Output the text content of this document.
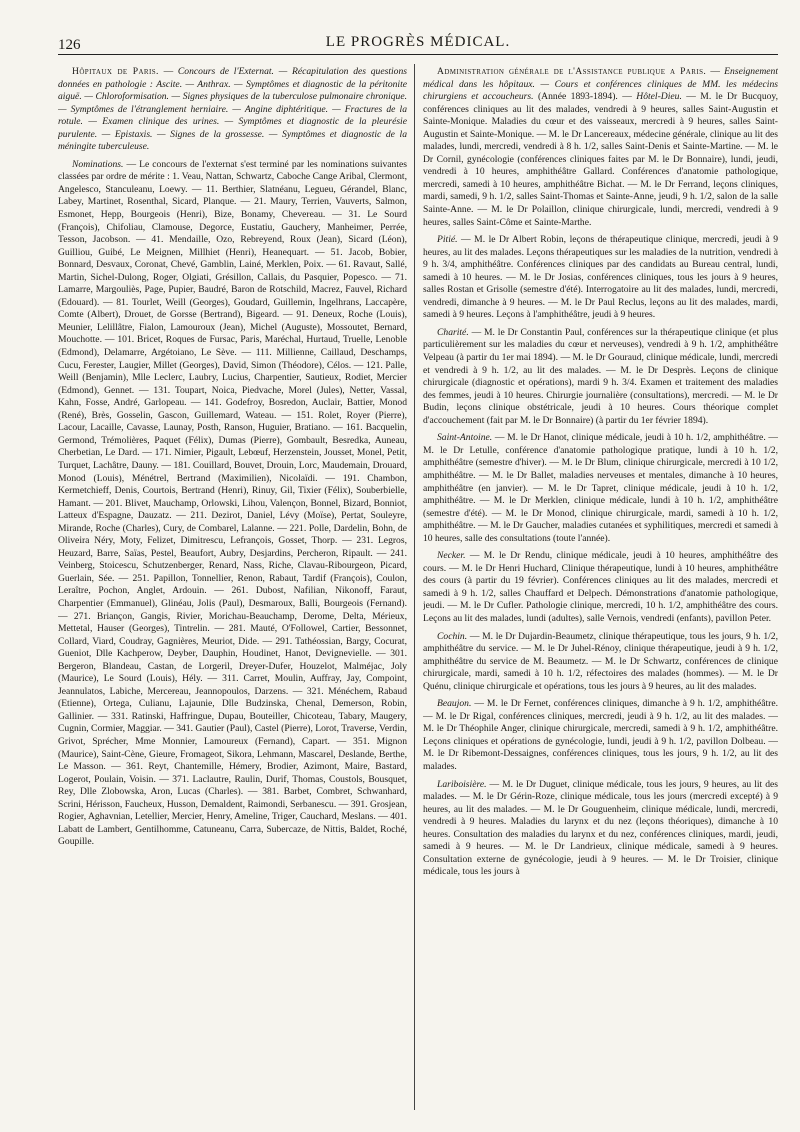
126	LE PROGRÈS MÉDICAL.

Hôpitaux de Paris. — Concours de l'Externat. — Récapitulation des questions données en pathologie : Ascite. — Anthrax. — Symptômes et diagnostic de la péritonite aiguë. — Chloroformisation. — Signes physiques de la tuberculose pulmonaire chronique. — Symptômes de l'étranglement herniaire. — Angine diphtéritique. — Fractures de la rotule. — Examen clinique des urines. — Symptômes et diagnostic de la pleurésie purulente. — Epistaxis. — Signes de la grossesse. — Symptômes et diagnostic de la méningite tuberculeuse.

Nominations. — Le concours de l'externat s'est terminé par les nominations suivantes classées par ordre de mérite : 1. Veau, Nattan, Schwartz, Caboche Cange Aribal, Clermont, Angelesco, Stanculeanu, Loewy. — 11. Berthier, Slatnéanu, Legueu, Gérandel, Blanc, Labey, Martinet, Rosenthal, Sicard, Planque. — 21. Maury, Terrien, Vauverts, Salmon, Esmonet, Hepp, Bourgeois (Henri), Bize, Bonamy, Chevereau. — 31. Le Sourd (François), Chifoliau, Clamouse, Degorce, Eustatiu, Gauchery, Manheimer, Perrée, Tesson, Jacobson. — 41. Mendaille, Ozo, Rebreyend, Roux (Jean), Sicard (Léon), Guilliou, Guibé, Le Meignen, Millhiet (Henri), Heanequart. — 51. Jacob, Bobier, Bonnard, Desvaux, Coronat, Chevé, Gamblin, Lainé, Merklen, Poix. — 61. Ravaut, Sallé, Martin, Sichel-Dulong, Roger, Olgiati, Grésillon, Callais, du Pasquier, Popesco. — 71. Lamarre, Margouliès, Page, Pupier, Baudré, Baron de Rotschild, Macrez, Fauvel, Richard (Edouard). — 81. Tourlet, Weill (Georges), Goudard, Guillemin, Ingelhrans, Laccapère, Comte (Albert), Drouet, de Gorsse (Bertrand), Bigeard. — 91. Deneux, Roche (Louis), Meunier, Lelillâtre, Fialon, Lamouroux (Jean), Michel (Auguste), Mossoutet, Bernard, Mouchotte. — 101. Bricet, Roques de Fursac, Paris, Maréchal, Hurtaud, Truelle, Lenoble (Edmond), Delamarre, Argétoiano, Le Sève. — 111. Millienne, Caillaud, Deschamps, Cucu, Ferester, Laugier, Millet (Georges), David, Simon (Théodore), Célos. — 121. Palle, Weill (Benjamin), Mlle Leclerc, Laubry, Lucius, Charpentier, Sautieux, Rodiet, Mercier (Edmond), Gennet. — 131. Toupart, Noica, Piedvache, Morel (Jules), Netter, Vassal, Kahn, Fosse, André, Garlopeau. — 141. Godefroy, Bosredon, Auclair, Battier, Monod (René), Brès, Gosselin, Gascon, Guillemard, Wateau. — 151. Rolet, Royer (Pierre), Lacour, Lacaille, Cavasse, Launay, Posth, Ranson, Huguier, Bratiano. — 161. Bacquelin, Germond, Trémolières, Paquet (Félix), Dumas (Pierre), Gombault, Besredka, Auneau, Cherbetian, Le Dard. — 171. Nimier, Pigault, Lebœuf, Herzenstein, Jousset, Monel, Petit, Turquet, Lachâtre, Dauny. — 181. Couillard, Bouvet, Drouin, Lorc, Maudemain, Drouard, Monod (Louis), Ménétrel, Bertrand (Maximilien), Nicolaïdi. — 191. Chambon, Kermetchieff, Denis, Courtois, Bertrand (Henri), Rinuy, Gil, Tixier (Félix), Souberbielle, Hamant. — 201. Blivet, Mauchamp, Orlowski, Lihou, Valençon, Bonnel, Bizard, Bonniot, Latteux d'Espagne, Dauzatz. — 211. Dezirot, Daniel, Lévy (Moïse), Pertat, Souleyre, Mirande, Roche (Charles), Cury, de Combarel, Lalanne. — 221. Polle, Dardelin, Bohn, de Oliveira Néry, Moty, Felizet, Dimitrescu, Lefrançois, Gosset, Thorp. — 231. Legros, Heuzard, Barre, Saïas, Pestel, Beaufort, Aubry, Desjardins, Percheron, Ripault. — 241. Veinberg, Stoicescu, Schutzenberger, Renard, Nass, Riche, Clavau-Ribourgeon, Picard, Guerlain, Sée. — 251. Papillon, Tonnellier, Renon, Rabaut, Tardif (François), Coulon, Leraître, Pochon, Anglet, Ardouin. — 261. Dubost, Nafilian, Nikonoff, Faraut, Charpentier (Emmanuel), Glinéau, Jolis (Paul), Desmaroux, Balli, Bourgeois (Fernand). — 271. Briançon, Gangis, Rivier, Morichau-Beauchamp, Derome, Delta, Mérieux, Mettetal, Hauser (Georges), Tintrelin. — 281. Mauté, O'Followel, Cartier, Bessonnet, Collard, Viard, Coudray, Gagnières, Meuriot, Dide. — 291. Tathéossian, Bargy, Cocurat, Gueniot, Dlle Kachperow, Deyber, Dauphin, Houdinet, Hanot, Devignevielle. — 301. Bergeron, Blandeau, Castan, de Lorgeril, Dreyer-Dufer, Houzelot, Malméjac, Joly (Maurice), Le Sourd (Louis), Hély. — 311. Carret, Moulin, Auffray, Jay, Compoint, Jeannulatos, Labiche, Mercereau, Jeannopoulos, Darzens. — 321. Ménéchem, Rabaud (Etienne), Ortega, Culianu, Lajaunie, Dlle Budzinska, Chenal, Demerson, Robin, Gallinier. — 331. Ratinski, Haffringue, Dupau, Bouteiller, Chicoteau, Tabary, Maugery, Cugnin, Cormier, Maggiar. — 341. Gautier (Paul), Castel (Pierre), Lorot, Traverse, Verdin, Grivot, Sprécher, Mme Monnier, Lamoureux (Fernand), Capart. — 351. Mignon (Maurice), Saint-Cène, Gieure, Fromageot, Sikora, Lehmann, Mascarel, Deslande, Berthe, Le Masson. — 361. Reyt, Chantemille, Hémery, Brodier, Azimont, Maire, Bastard, Logerot, Poulain, Voisin. — 371. Laclautre, Raulin, Durif, Thomas, Coustols, Bousquet, Rey, Dlle Zlobowska, Aron, Lucas (Charles). — 381. Barbet, Combret, Schwanhard, Scrini, Hérisson, Faucheux, Husson, Demaldent, Raimondi, Serbanescu. — 391. Grosjean, Rogier, Aghavnian, Letellier, Mercier, Henry, Ameline, Triger, Cauchard, Meslans. — 401. Labatt de Lambert, Gentilhomme, Catuneanu, Carra, Subercaze, de Nittis, Baldet, Roché, Goupille.

Administration générale de l'Assistance publique a Paris. — Enseignement médical dans les hôpitaux. — Cours et conférences cliniques de MM. les médecins chirurgiens et accoucheurs. (Année 1893-1894). — Hôtel-Dieu. — M. le Dr Bucquoy, conférences cliniques au lit des malades, vendredi à 9 heures, salles Saint-Augustin et Sainte-Monique. Maladies du cœur et des vaisseaux, mercredi à 9 heures, salles Saint-Augustin et Sainte-Monique. — M. le Dr Lancereaux, médecine générale, clinique au lit des malades, lundi, mercredi, vendredi à 8 h. 1/2, salles Saint-Denis et Sainte-Martine. — M. le Dr Cornil, gynécologie (conférences cliniques faites par M. le Dr Bonnaire), lundi, jeudi, vendredi à 10 heures, amphithéâtre Gallard. Conférences d'anatomie pathologique, mercredi, samedi à 10 heures, amphithéâtre Bichat. — M. le Dr Ferrand, leçons cliniques, mardi, samedi, 9 h. 1/2, salles Saint-Thomas et Sainte-Anne, jeudi, 9 h. 1/2, salon de la salle Sainte-Anne. — M. le Dr Polaillon, clinique chirurgicale, lundi, mercredi, vendredi à 9 heures, salles Saint-Côme et Sainte-Marthe.

Pitié. — M. le Dr Albert Robin, leçons de thérapeutique clinique, mercredi, jeudi à 9 heures, au lit des malades. Leçons thérapeutiques sur les maladies de la nutrition, vendredi à 9 h. 3/4, amphithéâtre. Conférences cliniques par des candidats au Bureau central, lundi, samedi à 10 heures. — M. le Dr Josias, conférences cliniques, tous les jours à 9 heures, salles Rostan et Grisolle (semestre d'été). Interrogatoire au lit des malades, lundi, mercredi, vendredi, dimanche à 9 heures. — M. le Dr Paul Reclus, leçons au lit des malades, mardi, samedi à 9 heures. Leçons à l'amphithéâtre, jeudi à 9 heures.

Charité. — M. le Dr Constantin Paul, conférences sur la thérapeutique clinique (et plus particulièrement sur les maladies du cœur et nerveuses), vendredi à 9 h. 1/2, amphithéâtre Velpeau (à partir du 1er mai 1894). — M. le Dr Gouraud, clinique médicale, lundi, mercredi et vendredi à 9 h. 1/2, au lit des malades. — M. le Dr Desprès. Leçons de clinique chirurgicale (diagnostic et opérations), mardi 9 h. 3/4. Examen et traitement des maladies des femmes, jeudi à 10 heures. Chirurgie journalière (consultations), mercredi. — M. le Dr Budin, leçons clinique obstétricale, jeudi à 10 heures. Cours théorique complet d'accouchement (fait par M. le Dr Bonnaire) (à partir du 1er février 1894).

Saint-Antoine. — M. le Dr Hanot, clinique médicale, jeudi à 10 h. 1/2, amphithéâtre. — M. le Dr Letulle, conférence d'anatomie pathologique pratique, lundi à 10 h. 1/2, amphithéâtre (semestre d'hiver). — M. le Dr Blum, clinique chirurgicale, mercredi à 10 1/2, amphithéâtre. — M. le Dr Ballet, maladies nerveuses et mentales, dimanche à 10 heures, amphithéâtre (en janvier). — M. le Dr Tapret, clinique médicale, jeudi à 10 h. 1/2, amphithéâtre. — M. le Dr Merklen, clinique médicale, lundi à 10 h. 1/2, amphithéâtre (semestre d'été). — M. le Dr Monod, clinique chirurgicale, mardi, samedi à 10 h. 1/2, amphithéâtre. — M. le Dr Gaucher, maladies cutanées et syphilitiques, mercredi et samedi à 10 heures, salle des consultations (toute l'année).

Necker. — M. le Dr Rendu, clinique médicale, jeudi à 10 heures, amphithéâtre des cours. — M. le Dr Henri Huchard, Clinique thérapeutique, lundi à 10 heures, amphithéâtre des cours (à partir du 19 février). Conférences cliniques au lit des malades, mercredi et samedi à 9 h. 1/2, salles Chauffard et Delpech. Démonstrations d'anatomie pathologique, jeudi. — M. le Dr Cufler. Pathologie clinique, mercredi, 10 h. 1/2, amphithéâtre des cours. Leçons au lit des malades, lundi (adultes), salle Vernois, vendredi (enfants), pavillon Peter.

Cochin. — M. le Dr Dujardin-Beaumetz, clinique thérapeutique, tous les jours, 9 h. 1/2, amphithéâtre du service. — M. le Dr Juhel-Rénoy, clinique thérapeutique, jeudi à 9 h. 1/2, amphithéâtre du service de M. Beaumetz. — M. le Dr Schwartz, conférences de clinique chirurgicale, mardi, samedi à 10 h. 1/2, réfectoires des malades (hommes). — M. le Dr Quénu, clinique chirurgicale et opérations, tous les jours à 9 heures, au lit des malades.

Beaujon. — M. le Dr Fernet, conférences cliniques, dimanche à 9 h. 1/2, amphithéâtre. — M. le Dr Rigal, conférences cliniques, mercredi, jeudi à 9 h. 1/2, au lit des malades. — M. le Dr Théophile Anger, clinique chirurgicale, mercredi, samedi à 9 h. 1/2, amphithéâtre. Leçons cliniques et opérations de gynécologie, lundi, jeudi à 9 h. 1/2, pavillon Dolbeau. — M. le Dr Ribemont-Dessaignes, conférences cliniques, tous les jours, 9 h. 1/2, au lit des malades.

Lariboisière. — M. le Dr Duguet, clinique médicale, tous les jours, 9 heures, au lit des malades. — M. le Dr Gérin-Roze, clinique médicale, tous les jours (mercredi excepté) à 9 heures, au lit des malades. — M. le Dr Gouguenheim, clinique médicale, lundi, mercredi, vendredi à 9 heures. Maladies du larynx et du nez (leçons théoriques), dimanche à 10 heures. Consultation des maladies du larynx et du nez, conférences cliniques, mardi, jeudi, samedi à 9 heures. — M. le Dr Landrieux, clinique médicale, samedi à 9 heures. Consultation externe de gynécologie, jeudi à 9 heures. — M. le Dr Troisier, clinique médicale, tous les jours à
